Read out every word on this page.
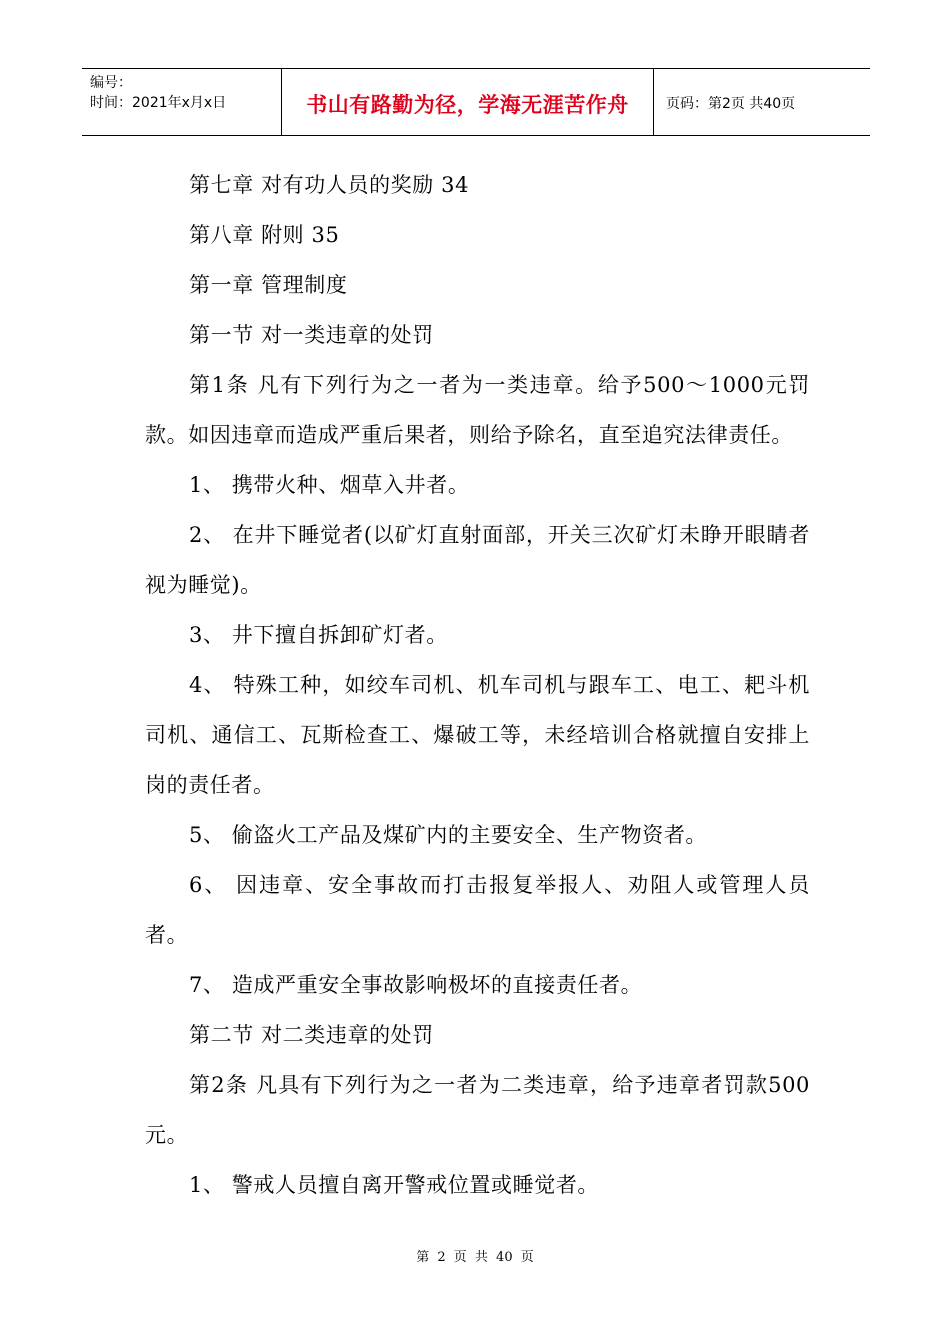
编号：
时间：2021年x月x日	书山有路勤为径，学海无涯苦作舟	页码：第2页 共40页

第七章 对有功人员的奖励 34

第八章 附则 35

第一章 管理制度

第一节 对一类违章的处罚

第1条 凡有下列行为之一者为一类违章。给予500～1000元罚款。如因违章而造成严重后果者，则给予除名，直至追究法律责任。

1、 携带火种、烟草入井者。

2、 在井下睡觉者(以矿灯直射面部，开关三次矿灯未睁开眼睛者视为睡觉)。

3、 井下擅自拆卸矿灯者。

4、 特殊工种，如绞车司机、机车司机与跟车工、电工、耙斗机司机、通信工、瓦斯检查工、爆破工等，未经培训合格就擅自安排上岗的责任者。

5、 偷盗火工产品及煤矿内的主要安全、生产物资者。

6、 因违章、安全事故而打击报复举报人、劝阻人或管理人员者。

7、 造成严重安全事故影响极坏的直接责任者。

第二节 对二类违章的处罚

第2条 凡具有下列行为之一者为二类违章，给予违章者罚款500元。

1、 警戒人员擅自离开警戒位置或睡觉者。

第 2 页 共 40 页
